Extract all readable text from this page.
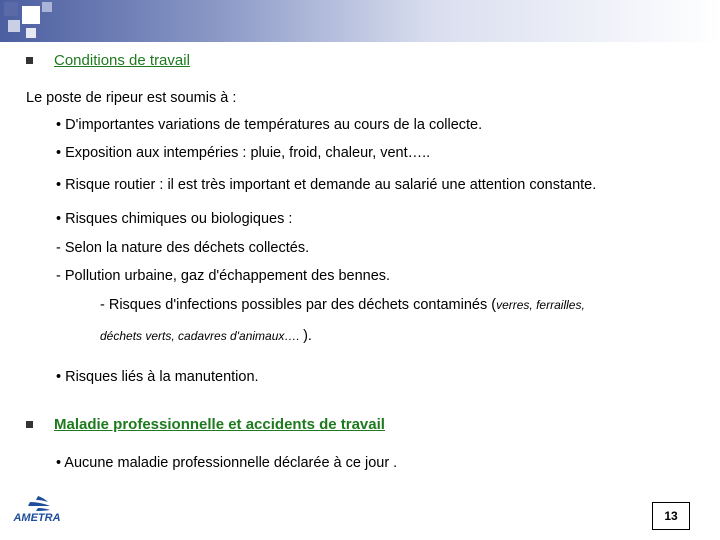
Conditions de travail
Le poste de ripeur est soumis à :
• D'importantes variations de températures au cours de la collecte.
• Exposition aux intempéries : pluie, froid, chaleur, vent…..
• Risque routier : il est très important et demande au salarié une attention constante.
• Risques chimiques ou biologiques :
- Selon la nature des déchets collectés.
- Pollution urbaine, gaz d'échappement des bennes.
- Risques d'infections possibles par des déchets contaminés (verres, ferrailles,
déchets verts, cadavres d'animaux…. ).
• Risques liés à la manutention.
Maladie professionnelle et accidents de travail
• Aucune maladie professionnelle déclarée à ce jour .
AMETRA	13
